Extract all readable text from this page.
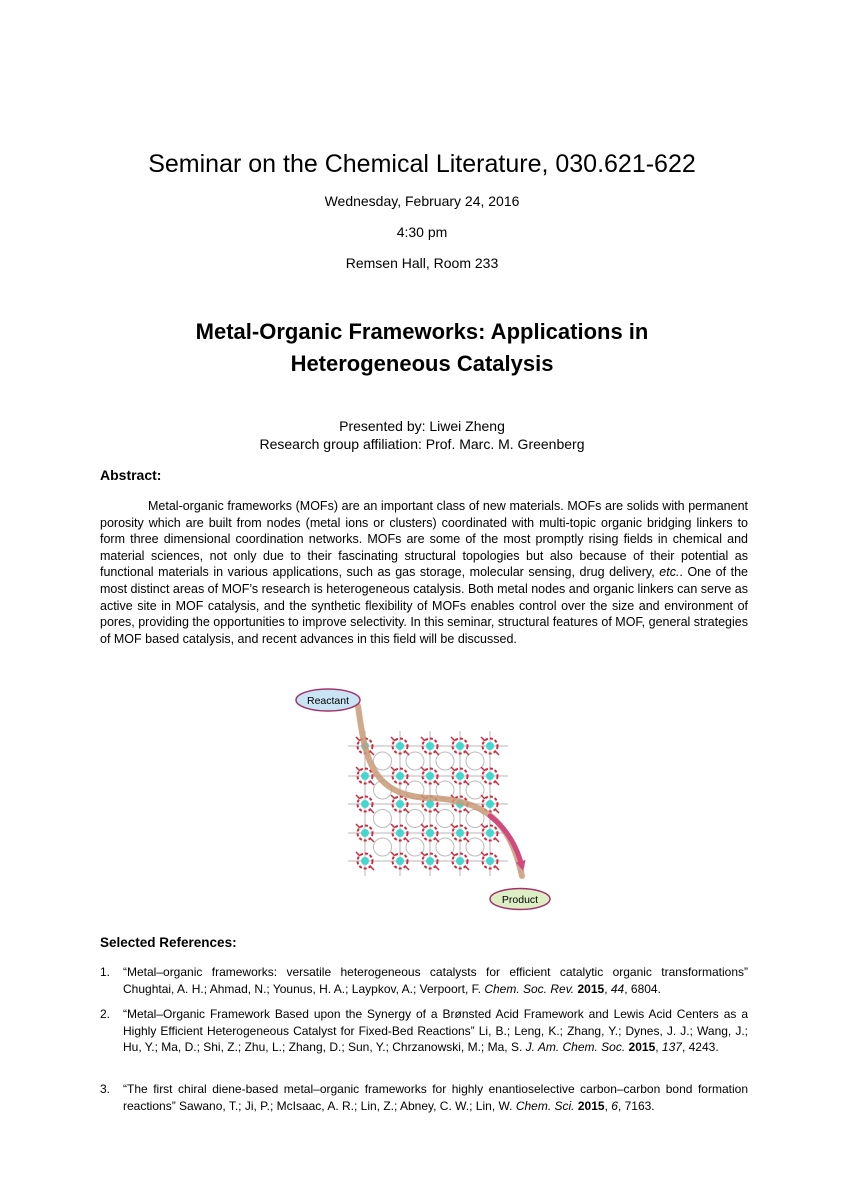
Seminar on the Chemical Literature, 030.621-622
Wednesday, February 24, 2016
4:30 pm
Remsen Hall, Room 233
Metal-Organic Frameworks: Applications in
Heterogeneous Catalysis
Presented by: Liwei Zheng
Research group affiliation: Prof. Marc. M. Greenberg
Abstract:

Metal-organic frameworks (MOFs) are an important class of new materials. MOFs are solids with permanent porosity which are built from nodes (metal ions or clusters) coordinated with multi-topic organic bridging linkers to form three dimensional coordination networks. MOFs are some of the most promptly rising fields in chemical and material sciences, not only due to their fascinating structural topologies but also because of their potential as functional materials in various applications, such as gas storage, molecular sensing, drug delivery, etc.. One of the most distinct areas of MOF’s research is heterogeneous catalysis. Both metal nodes and organic linkers can serve as active site in MOF catalysis, and the synthetic flexibility of MOFs enables control over the size and environment of pores, providing the opportunities to improve selectivity. In this seminar, structural features of MOF, general strategies of MOF based catalysis, and recent advances in this field will be discussed.

Reactant
Product
Selected References:
1. “Metal–organic frameworks: versatile heterogeneous catalysts for efficient catalytic organic transformations” Chughtai, A. H.; Ahmad, N.; Younus, H. A.; Laypkov, A.; Verpoort, F. Chem. Soc. Rev. 2015, 44, 6804.
2. “Metal–Organic Framework Based upon the Synergy of a Brønsted Acid Framework and Lewis Acid Centers as a Highly Efficient Heterogeneous Catalyst for Fixed-Bed Reactions” Li, B.; Leng, K.; Zhang, Y.; Dynes, J. J.; Wang, J.; Hu, Y.; Ma, D.; Shi, Z.; Zhu, L.; Zhang, D.; Sun, Y.; Chrzanowski, M.; Ma, S. J. Am. Chem. Soc. 2015, 137, 4243.
3. “The first chiral diene-based metal–organic frameworks for highly enantioselective carbon–carbon bond formation reactions” Sawano, T.; Ji, P.; McIsaac, A. R.; Lin, Z.; Abney, C. W.; Lin, W. Chem. Sci. 2015, 6, 7163.
